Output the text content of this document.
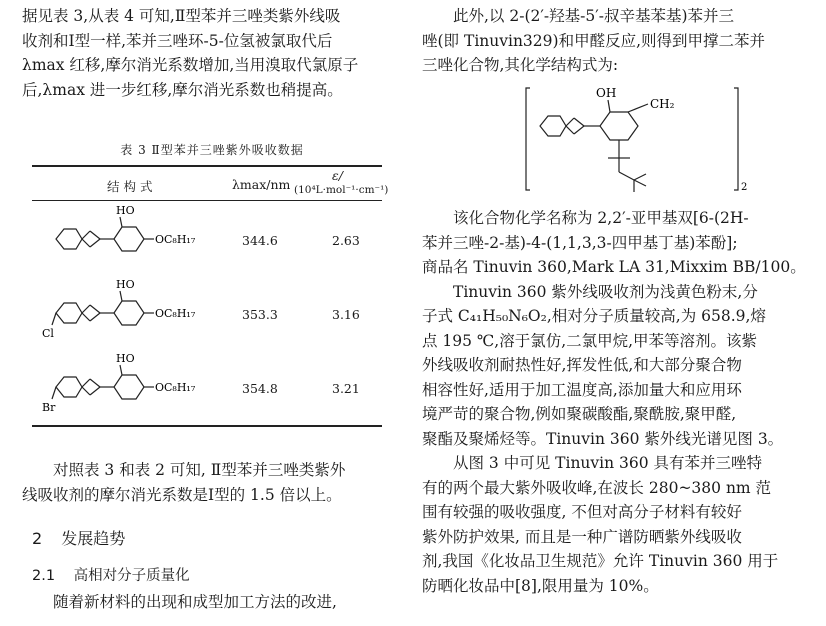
据见表 3,从表 4 可知,Ⅱ型苯并三唑类紫外线吸
收剂和Ⅰ型一样,苯并三唑环-5-位氢被氯取代后
λmax 红移,摩尔消光系数增加,当用溴取代氯原子
后,λmax 进一步红移,摩尔消光系数也稍提高。
表 3 Ⅱ型苯并三唑紫外吸收数据
结 构 式	λmax/nm
ε/
(10⁴L·mol⁻¹·cm⁻¹)
HO
OC₈H₁₇	344.6	2.63
HO
OC₈H₁₇
Cl
353.3	3.16
HO
OC₈H₁₇
Br
354.8	3.21
对照表 3 和表 2 可知, Ⅱ型苯并三唑类紫外
线吸收剂的摩尔消光系数是Ⅰ型的 1.5 倍以上。
2 发展趋势
2.1 高相对分子质量化
随着新材料的出现和成型加工方法的改进,
此外,以 2-(2′-羟基-5′-叔辛基苯基)苯并三
唑(即 Tinuvin329)和甲醛反应,则得到甲撑二苯并
三唑化合物,其化学结构式为:
OH
CH₂
2
该化合物化学名称为 2,2′-亚甲基双[6-(2H-
苯并三唑-2-基)-4-(1,1,3,3-四甲基丁基)苯酚];
商品名 Tinuvin 360,Mark LA 31,Mixxim BB/100。
Tinuvin 360 紫外线吸收剂为浅黄色粉末,分
子式 C₄₁H₅₀N₆O₂,相对分子质量较高,为 658.9,熔
点 195 ℃,溶于氯仿,二氯甲烷,甲苯等溶剂。该紫
外线吸收剂耐热性好,挥发性低,和大部分聚合物
相容性好,适用于加工温度高,添加量大和应用环
境严苛的聚合物,例如聚碳酸酯,聚酰胺,聚甲醛,
聚酯及聚烯烃等。Tinuvin 360 紫外线光谱见图 3。
从图 3 中可见 Tinuvin 360 具有苯并三唑特
有的两个最大紫外吸收峰,在波长 280~380 nm 范
围有较强的吸收强度, 不但对高分子材料有较好
紫外防护效果, 而且是一种广谱防晒紫外线吸收
剂,我国《化妆品卫生规范》允许 Tinuvin 360 用于
防晒化妆品中[8],限用量为 10%。
